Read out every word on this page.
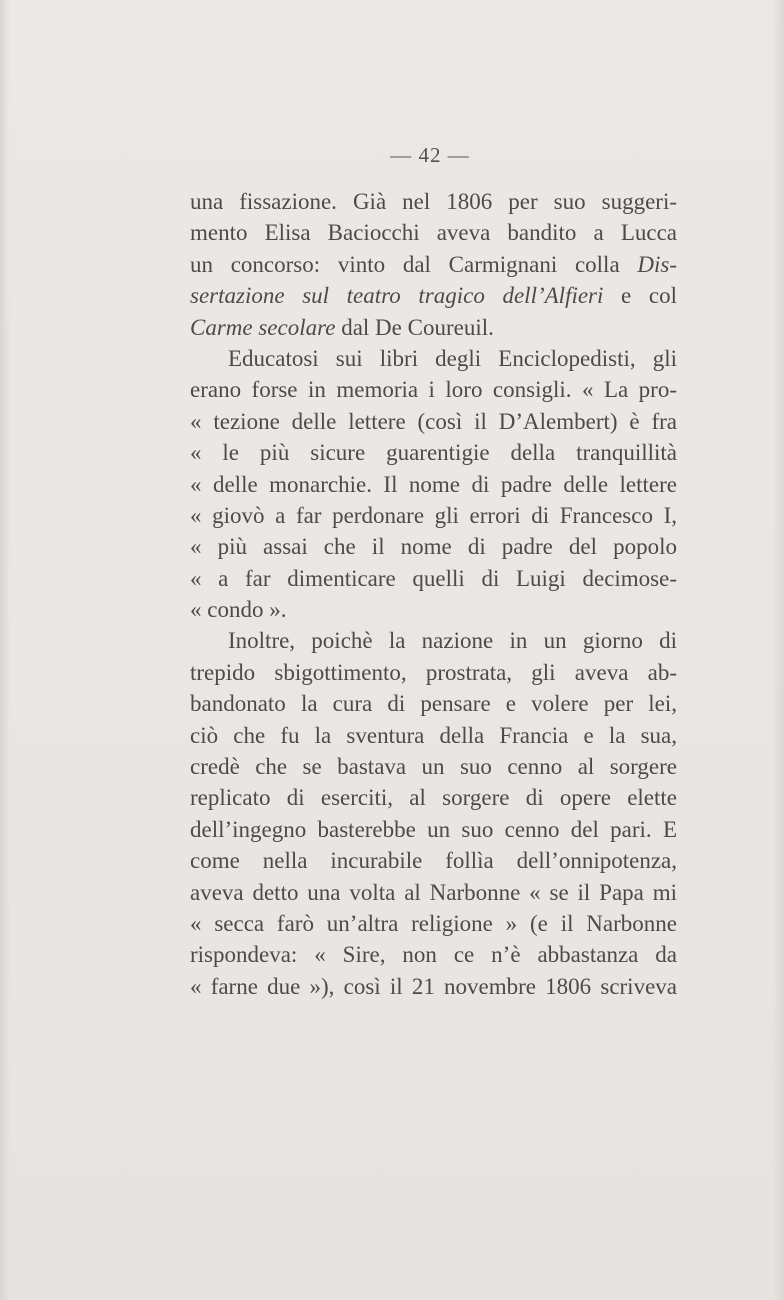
— 42 —
una fissazione. Già nel 1806 per suo suggeri-
mento Elisa Baciocchi aveva bandito a Lucca
un concorso: vinto dal Carmignani colla Dis-
sertazione sul teatro tragico dell’Alfieri e col
Carme secolare dal De Coureuil.
Educatosi sui libri degli Enciclopedisti, gli
erano forse in memoria i loro consigli. « La pro-
« tezione delle lettere (così il D’Alembert) è fra
« le più sicure guarentigie della tranquillità
« delle monarchie. Il nome di padre delle lettere
« giovò a far perdonare gli errori di Francesco I,
« più assai che il nome di padre del popolo
« a far dimenticare quelli di Luigi decimose-
« condo ».
Inoltre, poichè la nazione in un giorno di
trepido sbigottimento, prostrata, gli aveva ab-
bandonato la cura di pensare e volere per lei,
ciò che fu la sventura della Francia e la sua,
credè che se bastava un suo cenno al sorgere
replicato di eserciti, al sorgere di opere elette
dell’ingegno basterebbe un suo cenno del pari. E
come nella incurabile follìa dell’onnipotenza,
aveva detto una volta al Narbonne « se il Papa mi
« secca farò un’altra religione » (e il Narbonne
rispondeva: « Sire, non ce n’è abbastanza da
« farne due »), così il 21 novembre 1806 scriveva
